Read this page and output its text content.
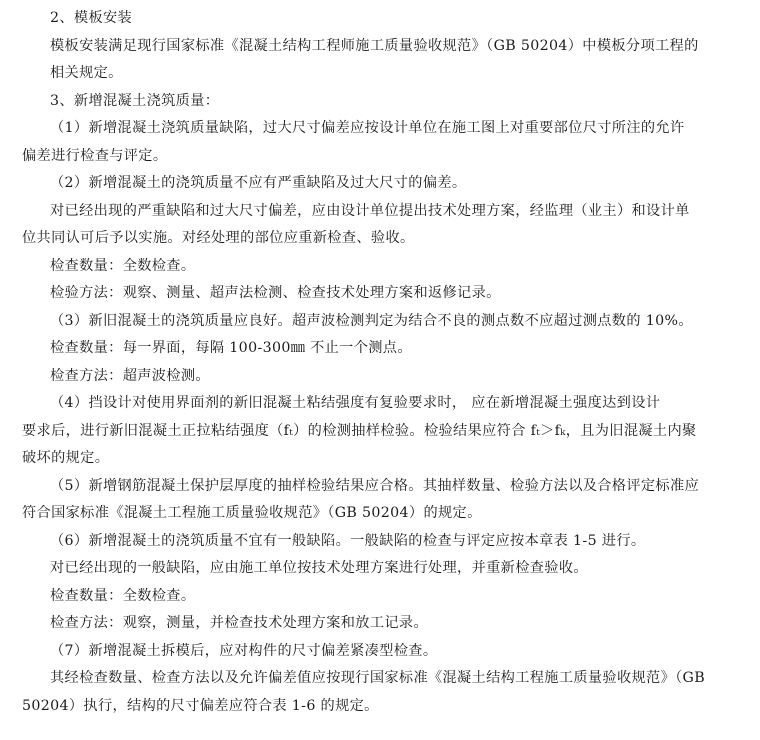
2、模板安装
模板安装满足现行国家标准《混凝土结构工程师施工质量验收规范》（GB 50204）中模板分项工程的
相关规定。
3、新增混凝土浇筑质量：
（1）新增混凝土浇筑质量缺陷，过大尺寸偏差应按设计单位在施工图上对重要部位尺寸所注的允许
偏差进行检查与评定。
（2）新增混凝土的浇筑质量不应有严重缺陷及过大尺寸的偏差。
对已经出现的严重缺陷和过大尺寸偏差，应由设计单位提出技术处理方案，经监理（业主）和设计单
位共同认可后予以实施。对经处理的部位应重新检查、验收。
检查数量：全数检查。
检验方法：观察、测量、超声法检测、检查技术处理方案和返修记录。
（3）新旧混凝土的浇筑质量应良好。超声波检测判定为结合不良的测点数不应超过测点数的 10%。
检查数量：每一界面，每隔 100-300㎜ 不止一个测点。
检查方法：超声波检测。
（4）挡设计对使用界面剂的新旧混凝土粘结强度有复验要求时， 应在新增混凝土强度达到设计
要求后，进行新旧混凝土正拉粘结强度（fₜ）的检测抽样检验。检验结果应符合 fₜ＞fₖ，且为旧混凝土内聚
破坏的规定。
（5）新增钢筋混凝土保护层厚度的抽样检验结果应合格。其抽样数量、检验方法以及合格评定标准应
符合国家标准《混凝土工程施工质量验收规范》（GB 50204）的规定。
（6）新增混凝土的浇筑质量不宜有一般缺陷。一般缺陷的检查与评定应按本章表 1-5 进行。
对已经出现的一般缺陷，应由施工单位按技术处理方案进行处理，并重新检查验收。
检查数量：全数检查。
检查方法：观察，测量，并检查技术处理方案和放工记录。
（7）新增混凝土拆模后，应对构件的尺寸偏差紧凑型检查。
其经检查数量、检查方法以及允许偏差值应按现行国家标准《混凝土结构工程施工质量验收规范》（GB
50204）执行，结构的尺寸偏差应符合表 1-6 的规定。
